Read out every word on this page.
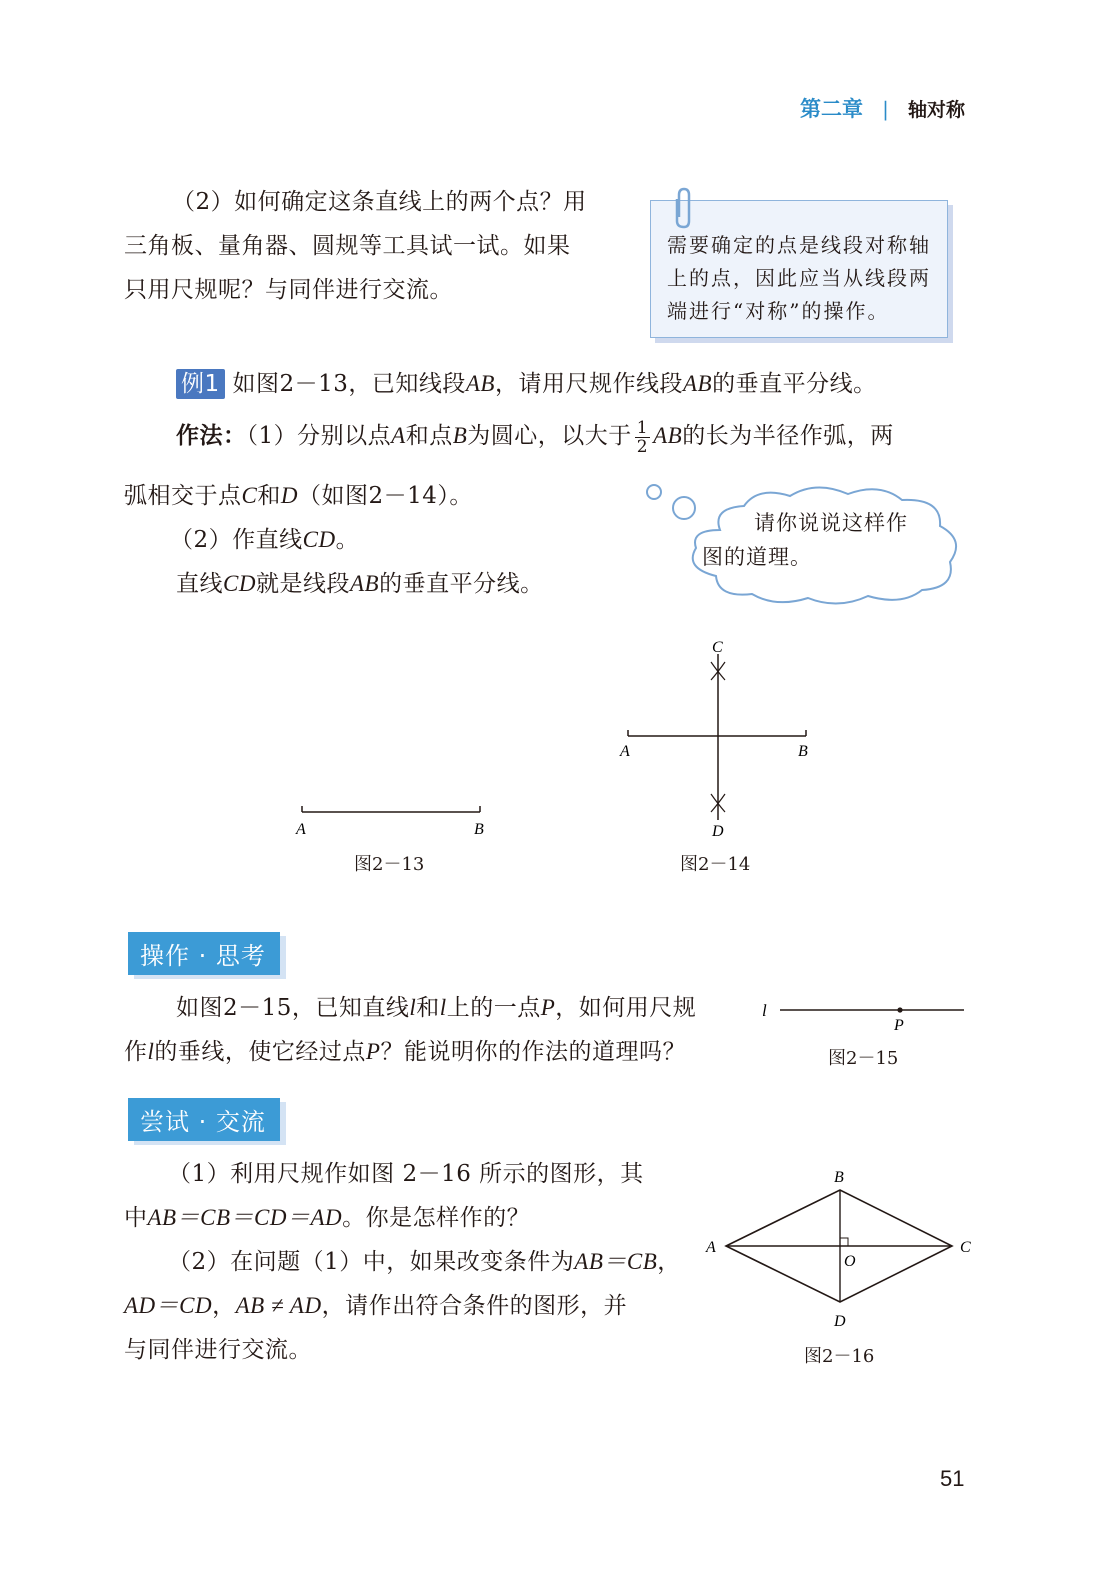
第二章 | 轴对称
（2）如何确定这条直线上的两个点？用
三角板、量角器、圆规等工具试一试。如果
只用尺规呢？与同伴进行交流。
需要确定的点是线段对称轴
上的点，因此应当从线段两
端进行“对称”的操作。
例1 如图2－13，已知线段AB，请用尺规作线段AB的垂直平分线。
作法：（1）分别以点A和点B为圆心，以大于 $\frac{1}{2}$ AB的长为半径作弧，两
弧相交于点C和D（如图2－14）。
（2）作直线CD。
直线CD就是线段AB的垂直平分线。
请你说说这样作
图的道理。
A	B
图2－13
C
A	B
D
图2－14
操作 · 思考
如图2－15，已知直线l和l上的一点P，如何用尺规
作l的垂线，使它经过点P？能说明你的作法的道理吗？
l
P
图2－15
尝试 · 交流
（1）利用尺规作如图 2－16 所示的图形，其
中AB＝CB＝CD＝AD。你是怎样作的？
（2）在问题（1）中，如果改变条件为AB＝CB，
AD＝CD，AB ≠ AD，请作出符合条件的图形，并
与同伴进行交流。
B
A	C
O
D
图2－16
51
